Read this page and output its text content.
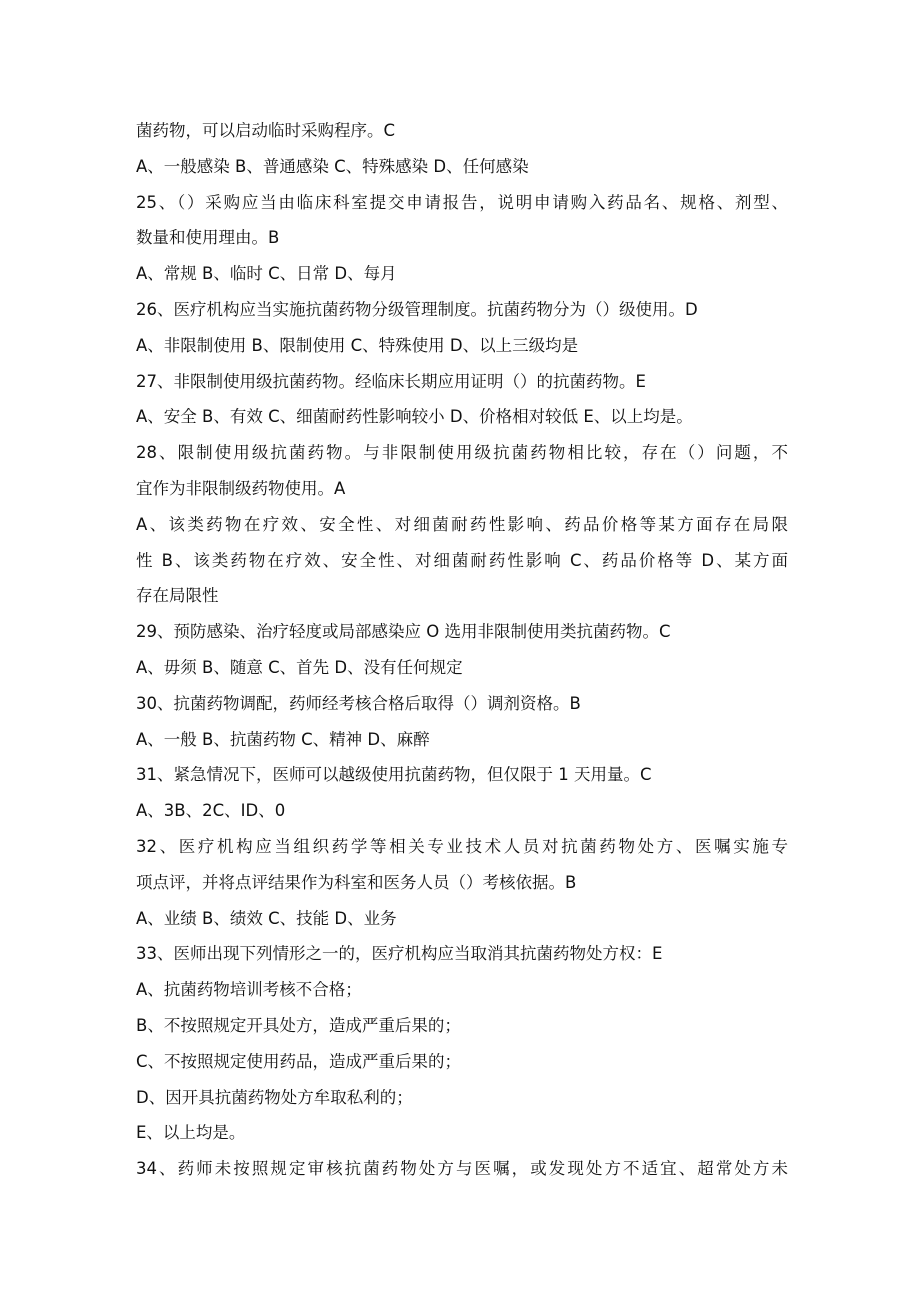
菌药物，可以启动临时采购程序。C
A、一般感染 B、普通感染 C、特殊感染 D、任何感染
25、（）采购应当由临床科室提交申请报告，说明申请购入药品名、规格、剂型、
数量和使用理由。B
A、常规 B、临时 C、日常 D、每月
26、医疗机构应当实施抗菌药物分级管理制度。抗菌药物分为（）级使用。D
A、非限制使用 B、限制使用 C、特殊使用 D、以上三级均是
27、非限制使用级抗菌药物。经临床长期应用证明（）的抗菌药物。E
A、安全 B、有效 C、细菌耐药性影响较小 D、价格相对较低 E、以上均是。
28、限制使用级抗菌药物。与非限制使用级抗菌药物相比较，存在（）问题，不
宜作为非限制级药物使用。A
A、该类药物在疗效、安全性、对细菌耐药性影响、药品价格等某方面存在局限
性 B、该类药物在疗效、安全性、对细菌耐药性影响 C、药品价格等 D、某方面
存在局限性
29、预防感染、治疗轻度或局部感染应 O 选用非限制使用类抗菌药物。C
A、毋须 B、随意 C、首先 D、没有任何规定
30、抗菌药物调配，药师经考核合格后取得（）调剂资格。B
A、一般 B、抗菌药物 C、精神 D、麻醉
31、紧急情况下，医师可以越级使用抗菌药物，但仅限于 1 天用量。C
A、3B、2C、ID、0
32、医疗机构应当组织药学等相关专业技术人员对抗菌药物处方、医嘱实施专
项点评，并将点评结果作为科室和医务人员（）考核依据。B
A、业绩 B、绩效 C、技能 D、业务
33、医师出现下列情形之一的，医疗机构应当取消其抗菌药物处方权：E
A、抗菌药物培训考核不合格；
B、不按照规定开具处方，造成严重后果的；
C、不按照规定使用药品，造成严重后果的；
D、因开具抗菌药物处方牟取私利的；
E、以上均是。
34、药师未按照规定审核抗菌药物处方与医嘱，或发现处方不适宜、超常处方未
